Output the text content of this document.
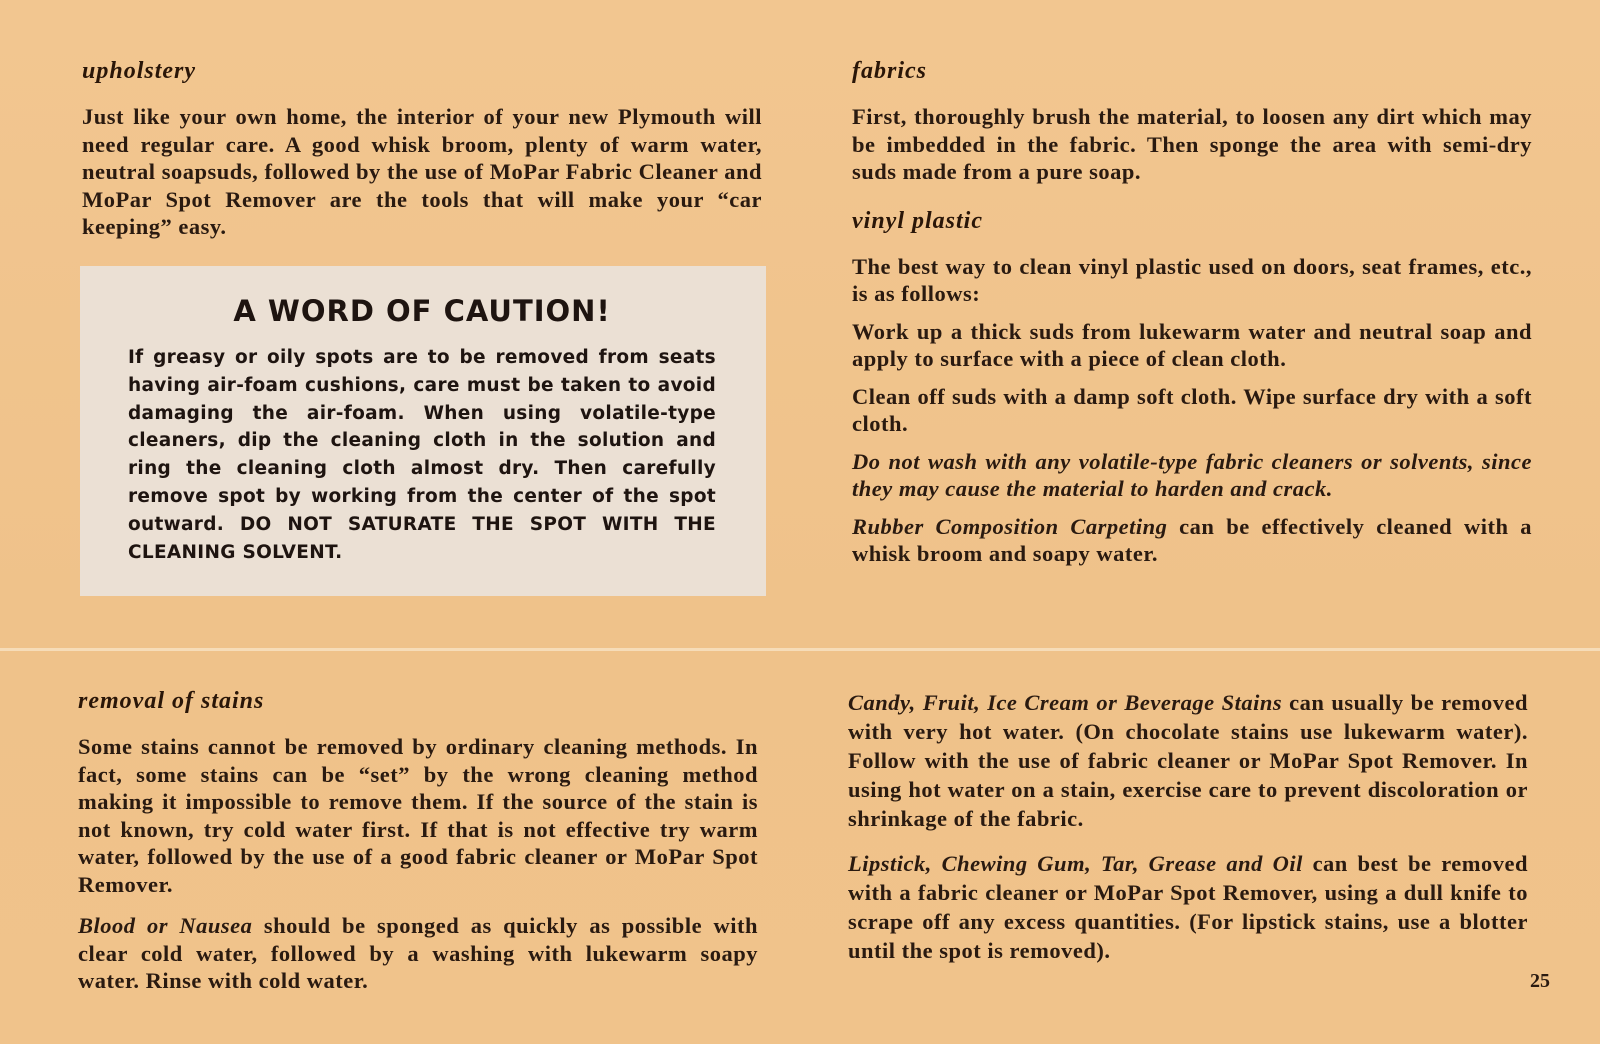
upholstery

Just like your own home, the interior of your new Plymouth will need regular care. A good whisk broom, plenty of warm water, neutral soapsuds, followed by the use of MoPar Fabric Cleaner and MoPar Spot Remover are the tools that will make your “car keeping” easy.

A WORD OF CAUTION!

If greasy or oily spots are to be removed from seats having air-foam cushions, care must be taken to avoid damaging the air-foam. When using volatile-type cleaners, dip the cleaning cloth in the solution and ring the cleaning cloth almost dry. Then carefully remove spot by working from the center of the spot outward. DO NOT SATURATE THE SPOT WITH THE CLEANING SOLVENT.

fabrics

First, thoroughly brush the material, to loosen any dirt which may be imbedded in the fabric. Then sponge the area with semi-dry suds made from a pure soap.

vinyl plastic

The best way to clean vinyl plastic used on doors, seat frames, etc., is as follows:

Work up a thick suds from lukewarm water and neutral soap and apply to surface with a piece of clean cloth.

Clean off suds with a damp soft cloth. Wipe surface dry with a soft cloth.

Do not wash with any volatile-type fabric cleaners or solvents, since they may cause the material to harden and crack.

Rubber Composition Carpeting can be effectively cleaned with a whisk broom and soapy water.

removal of stains

Some stains cannot be removed by ordinary cleaning methods. In fact, some stains can be “set” by the wrong cleaning method making it impossible to remove them. If the source of the stain is not known, try cold water first. If that is not effective try warm water, followed by the use of a good fabric cleaner or MoPar Spot Remover.

Blood or Nausea should be sponged as quickly as possible with clear cold water, followed by a washing with lukewarm soapy water. Rinse with cold water.

Candy, Fruit, Ice Cream or Beverage Stains can usually be removed with very hot water. (On chocolate stains use lukewarm water). Follow with the use of fabric cleaner or MoPar Spot Remover. In using hot water on a stain, exercise care to prevent discoloration or shrinkage of the fabric.

Lipstick, Chewing Gum, Tar, Grease and Oil can best be removed with a fabric cleaner or MoPar Spot Remover, using a dull knife to scrape off any excess quantities. (For lipstick stains, use a blotter until the spot is removed).

25
